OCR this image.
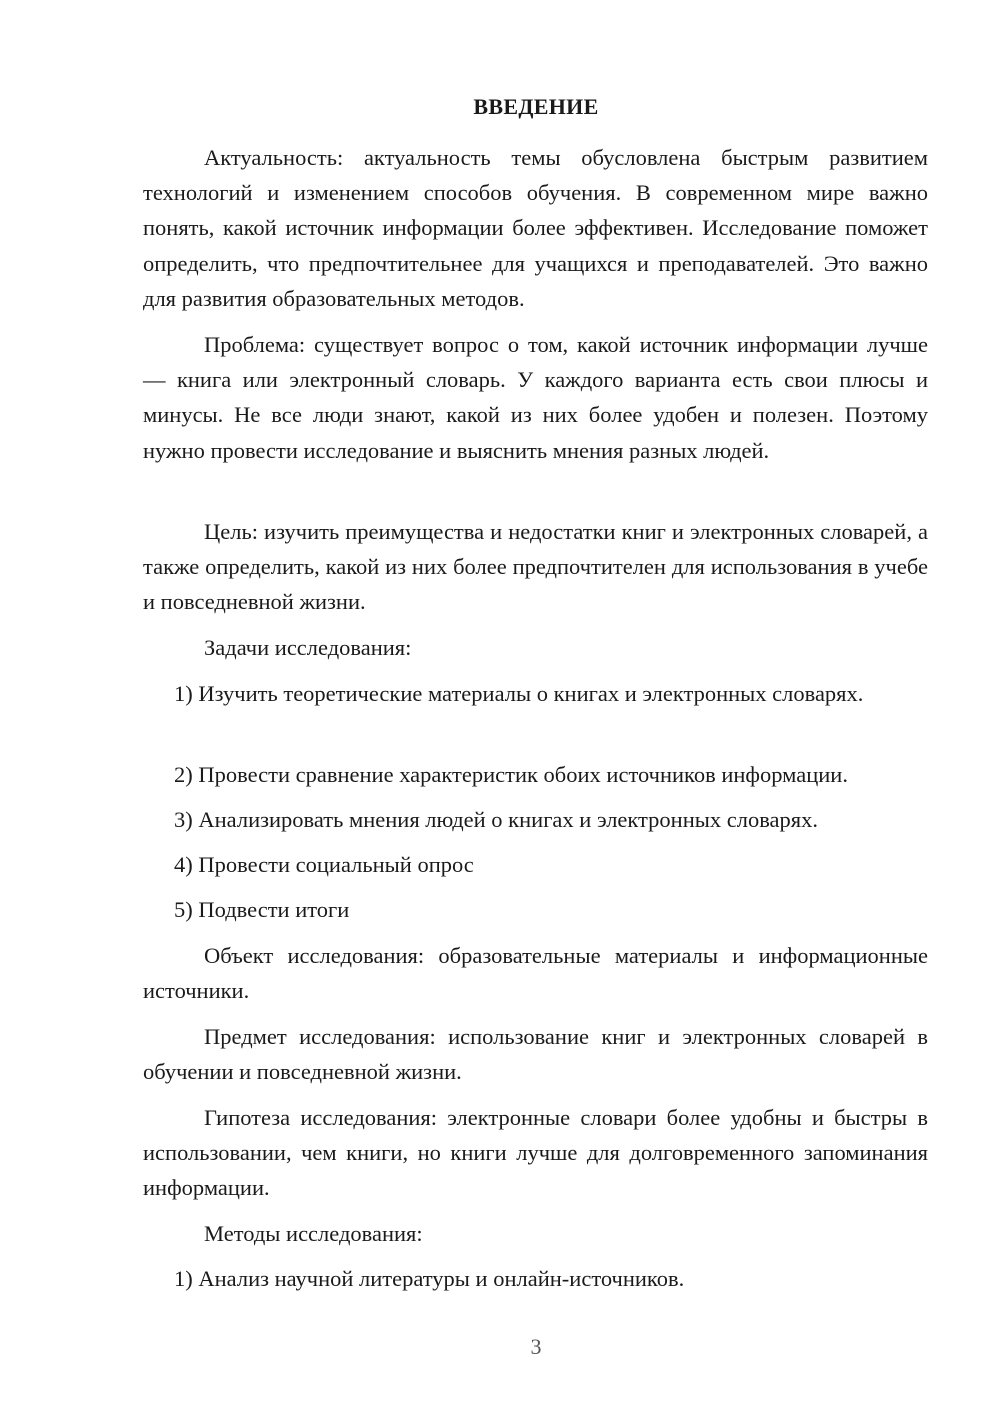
ВВЕДЕНИЕ

Актуальность: актуальность темы обусловлена быстрым развитием технологий и изменением способов обучения. В современном мире важно понять, какой источник информации более эффективен. Исследование поможет определить, что предпочтительнее для учащихся и преподавателей. Это важно для развития образовательных методов.

Проблема: существует вопрос о том, какой источник информации лучше — книга или электронный словарь. У каждого варианта есть свои плюсы и минусы. Не все люди знают, какой из них более удобен и полезен. Поэтому нужно провести исследование и выяснить мнения разных людей.

Цель: изучить преимущества и недостатки книг и электронных словарей, а также определить, какой из них более предпочтителен для использования в учебе и повседневной жизни.

Задачи исследования:

1) Изучить теоретические материалы о книгах и электронных словарях.

2) Провести сравнение характеристик обоих источников информации.

3) Анализировать мнения людей о книгах и электронных словарях.

4) Провести социальный опрос

5) Подвести итоги

Объект исследования: образовательные материалы и информационные источники.

Предмет исследования: использование книг и электронных словарей в обучении и повседневной жизни.

Гипотеза исследования: электронные словари более удобны и быстры в использовании, чем книги, но книги лучше для долговременного запоминания информации.

Методы исследования:

1) Анализ научной литературы и онлайн-источников.

3
